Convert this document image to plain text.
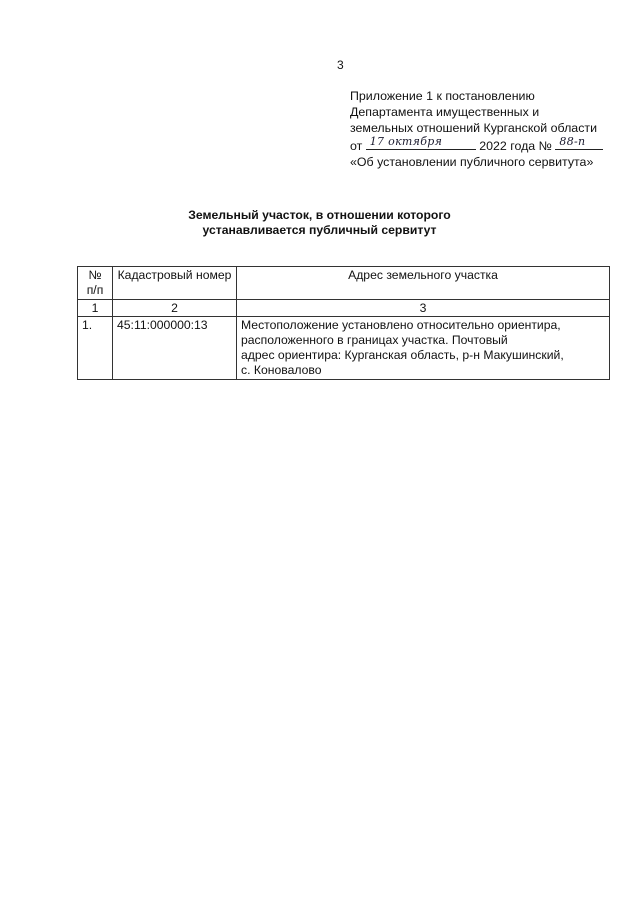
3
Приложение 1 к постановлению
Департамента имущественных и
земельных отношений Курганской области
от 17 октября	2022 года № 88-п
«Об установлении публичного сервитута»
Земельный участок, в отношении которого
устанавливается публичный сервитут
№ п/п	Кадастровый номер	Адрес земельного участка
1	2	3
1.	45:11:000000:13	Местоположение установлено относительно ориентира,
расположенного в границах участка. Почтовый
адрес ориентира: Курганская область, р-н Макушинский,
с. Коновалово
